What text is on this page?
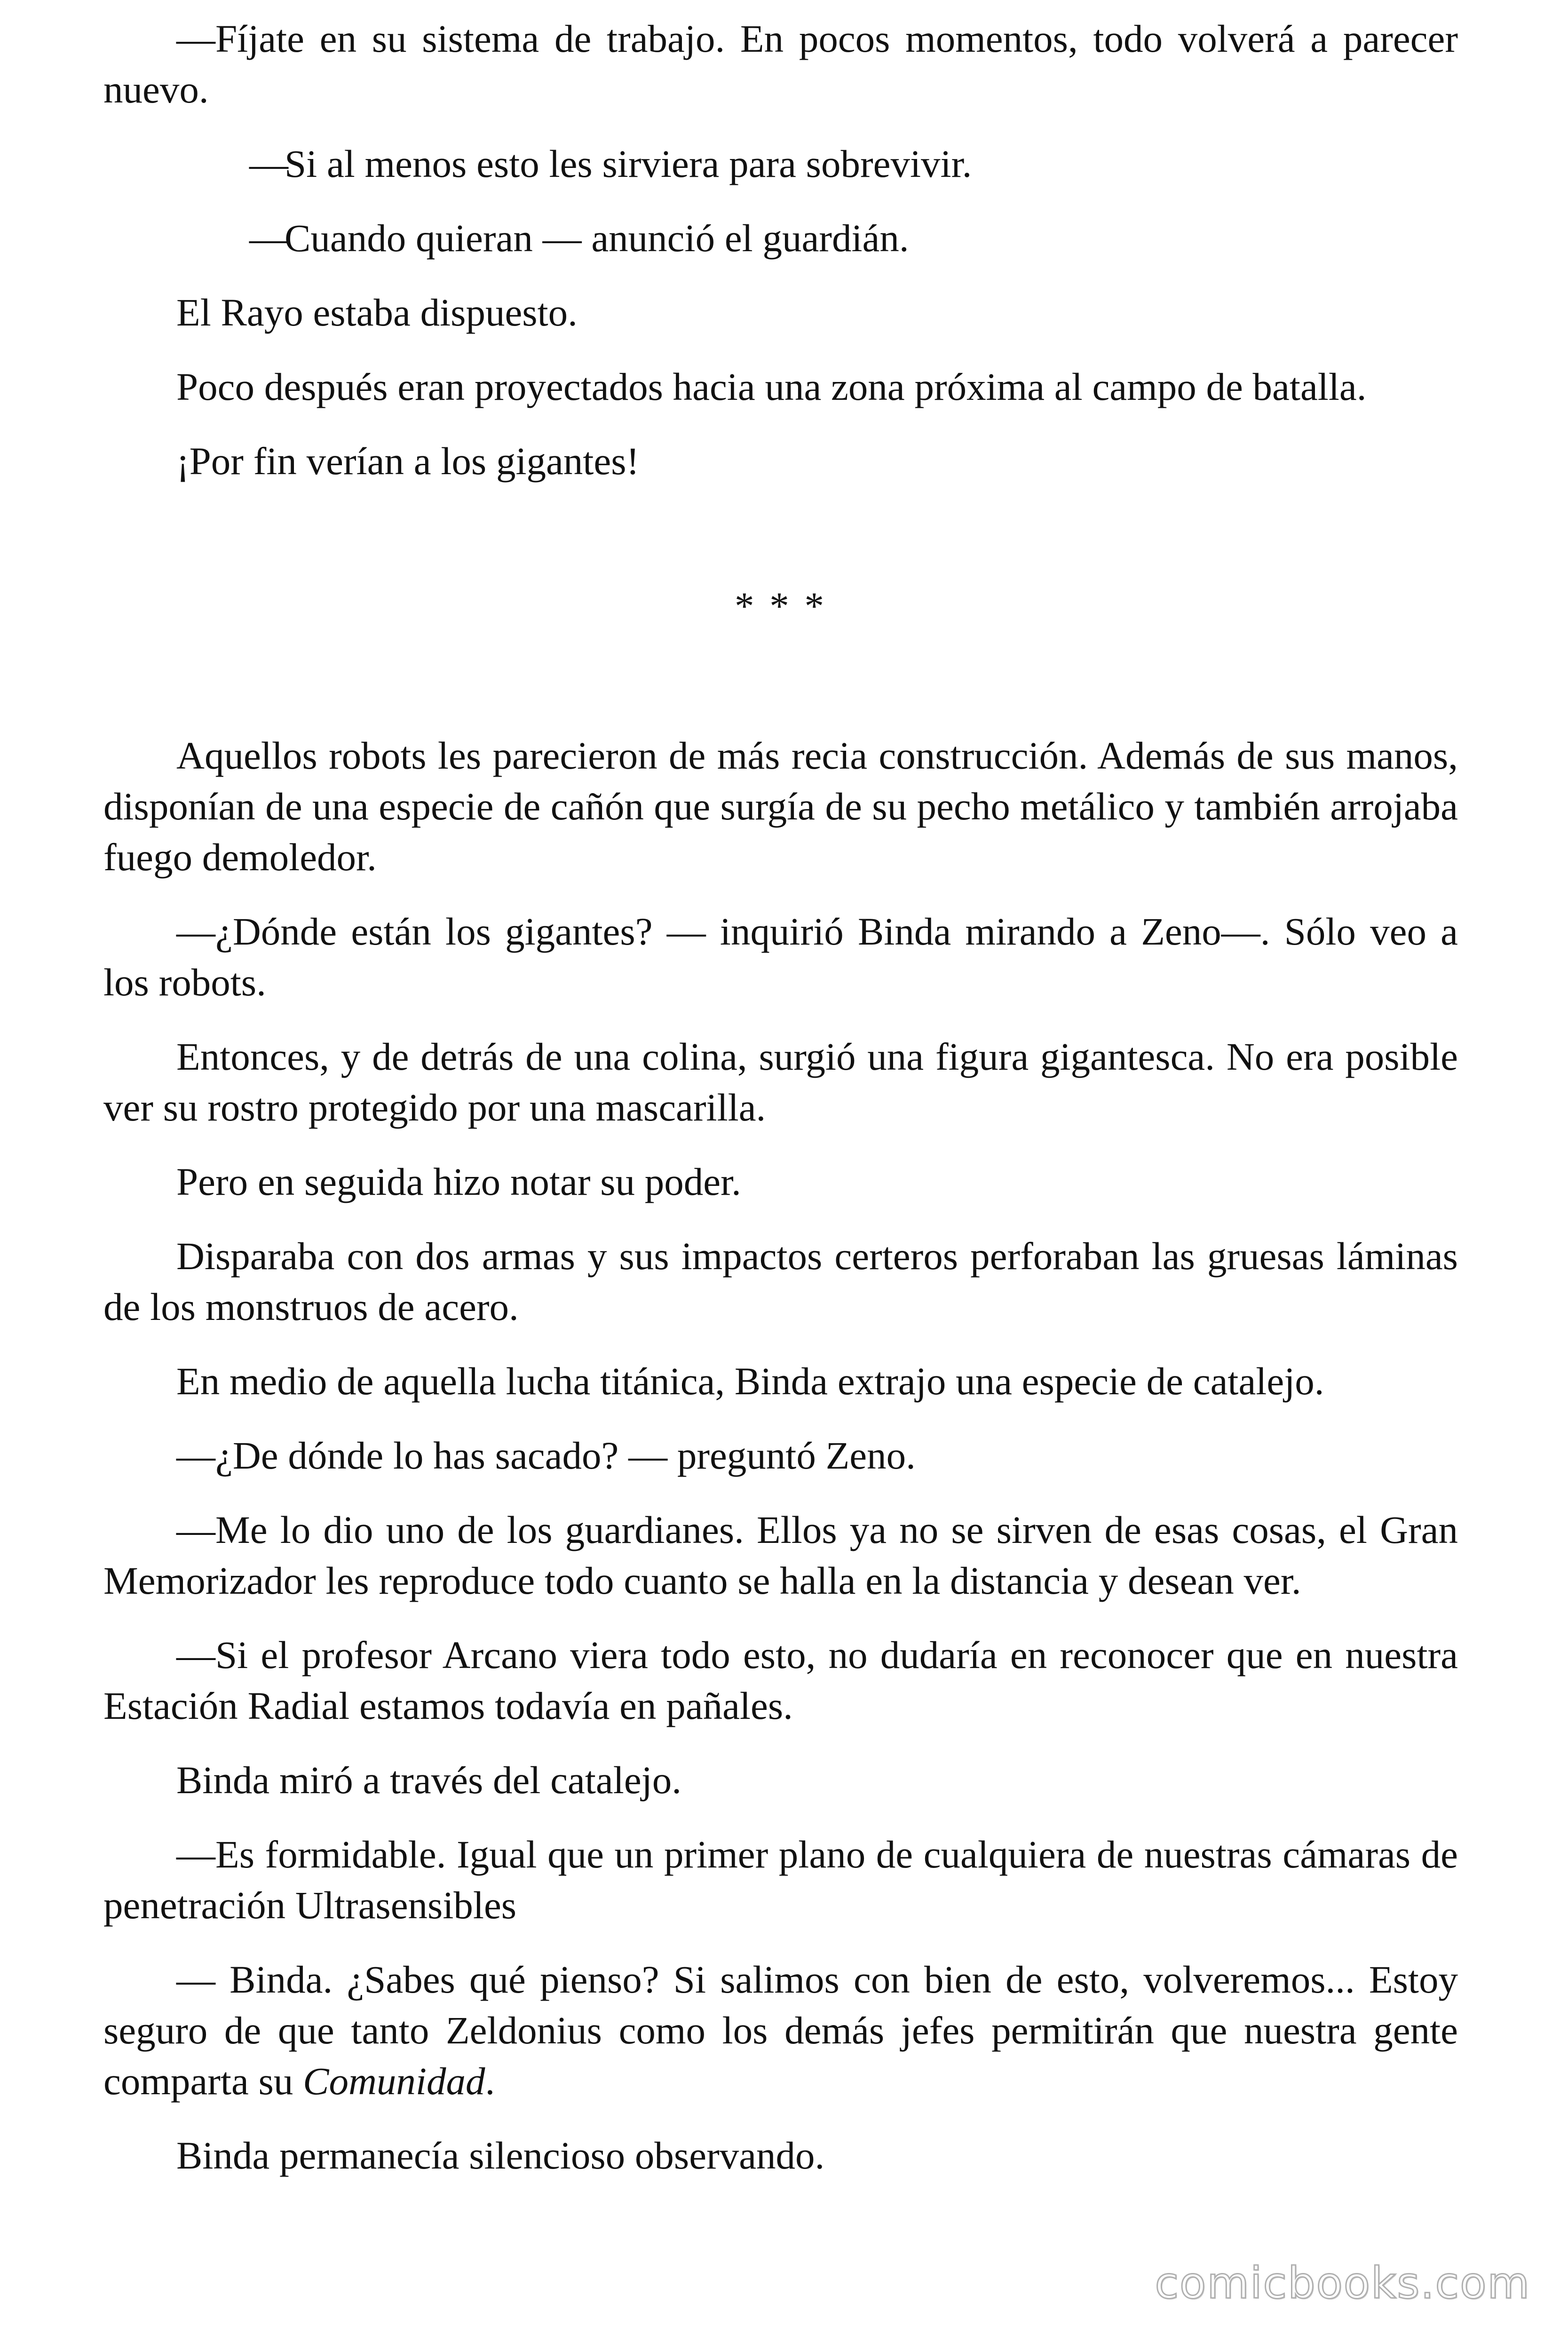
—Fíjate en su sistema de trabajo. En pocos momentos, todo volverá a parecer nuevo.

—Si al menos esto les sirviera para sobrevivir.

—Cuando quieran — anunció el guardián.

El Rayo estaba dispuesto.

Poco después eran proyectados hacia una zona próxima al campo de batalla.

¡Por fin verían a los gigantes!

* * *

Aquellos robots les parecieron de más recia construcción. Además de sus manos, disponían de una especie de cañón que surgía de su pecho metálico y también arrojaba fuego demoledor.

—¿Dónde están los gigantes? — inquirió Binda mirando a Zeno—. Sólo veo a los robots.

Entonces, y de detrás de una colina, surgió una figura gigantesca. No era posible ver su rostro protegido por una mascarilla.

Pero en seguida hizo notar su poder.

Disparaba con dos armas y sus impactos certeros perforaban las gruesas láminas de los monstruos de acero.

En medio de aquella lucha titánica, Binda extrajo una especie de catalejo.

—¿De dónde lo has sacado? — preguntó Zeno.

—Me lo dio uno de los guardianes. Ellos ya no se sirven de esas cosas, el Gran Memorizador les reproduce todo cuanto se halla en la distancia y desean ver.

—Si el profesor Arcano viera todo esto, no dudaría en reconocer que en nuestra Estación Radial estamos todavía en pañales.

Binda miró a través del catalejo.

—Es formidable. Igual que un primer plano de cualquiera de nuestras cámaras de penetración Ultrasensibles

— Binda. ¿Sabes qué pienso? Si salimos con bien de esto, volveremos... Estoy seguro de que tanto Zeldonius como los demás jefes permitirán que nuestra gente comparta su Comunidad.

Binda permanecía silencioso observando.

comicbooks.com
